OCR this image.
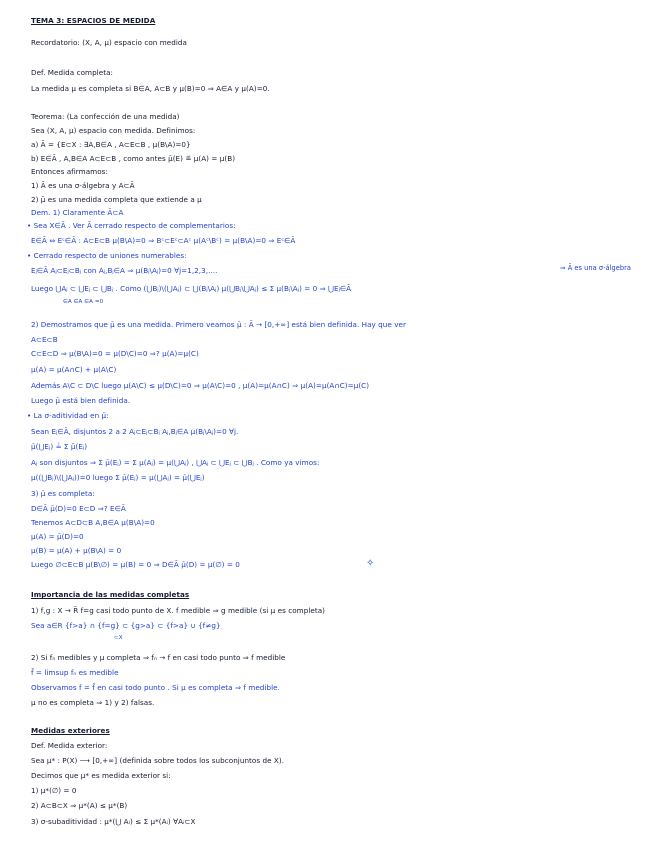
TEMA 3: ESPACIOS DE MEDIDA
Recordatorio: (X, A, μ) espacio con medida
Def. Medida completa:
La medida μ es completa si B∈A, A⊂B y μ(B)=0 ⇒ A∈A y μ(A)=0.
Teorema: (La confección de una medida)
Sea (X, A, μ) espacio con medida. Definimos:
a) Ā = {E⊂X : ∃A,B∈A , A⊂E⊂B , μ(B\A)=0}
b) E∈Ā , A,B∈A A⊂E⊂B , como antes μ̄(E) ≝ μ(A) = μ(B)
Entonces afirmamos:
1) Ā es una σ-álgebra y A⊂Ā
2) μ̄ es una medida completa que extiende a μ
Dem. 1) Claramente Ā⊂A
• Sea X∈Ā . Ver Ā cerrado respecto de complementarios:
E∈Ā ⇔ Eᶜ∈Ā : A⊂E⊂B μ(B\A)=0 ⇒ Bᶜ⊂Eᶜ⊂Aᶜ μ(Aᶜ\Bᶜ) = μ(B\A)=0 ⇒ Eᶜ∈Ā
• Cerrado respecto de uniones numerables:
Eⱼ∈Ā Aⱼ⊂Eⱼ⊂Bⱼ con Aⱼ,Bⱼ∈A ⇒ μ(Bⱼ\Aⱼ)=0 ∀j=1,2,3,....	⇒ Ā es una σ-álgebra
Luego ⋃Aⱼ ⊂ ⋃Eⱼ ⊂ ⋃Bⱼ . Como (⋃Bⱼ)\(⋃Aⱼ) ⊂ ⋃(Bⱼ\Aⱼ) μ(⋃Bⱼ\⋃Aⱼ) ≤ Σ μ(Bⱼ\Aⱼ) = 0 ⇒ ⋃Eⱼ∈Ā
∈A ∈A ∈A =0
2) Demostramos que μ̄ es una medida. Primero veamos μ̄ : Ā → [0,+∞] está bien definida. Hay que ver
A⊂E⊂B
C⊂E⊂D ⇒ μ(B\A)=0 = μ(D\C)=0 ⇒? μ(A)=μ(C)
μ(A) = μ(A∩C) + μ(A\C)
Además A\C ⊂ D\C luego μ(A\C) ≤ μ(D\C)=0 ⇒ μ(A\C)=0 , μ(A)=μ(A∩C) ⇒ μ(A)=μ(A∩C)=μ(C)
Luego μ̄ está bien definida.
• La σ-aditividad en μ̄:
Sean Eⱼ∈Ā, disjuntos 2 a 2 Aⱼ⊂Eⱼ⊂Bⱼ Aⱼ,Bⱼ∈A μ(Bⱼ\Aⱼ)=0 ∀j.
μ̄(⋃Eⱼ) ≟ Σ μ̄(Eⱼ)
Aⱼ son disjuntos ⇒ Σ μ̄(Eⱼ) = Σ μ(Aⱼ) = μ(⋃Aⱼ) , ⋃Aⱼ ⊂ ⋃Eⱼ ⊂ ⋃Bⱼ . Como ya vimos:
μ((⋃Bⱼ)\(⋃Aⱼ))=0 luego Σ μ̄(Eⱼ) = μ(⋃Aⱼ) = μ̄(⋃Eⱼ)
3) μ̄ es completa:
D∈Ā μ̄(D)=0 E⊂D ⇒? E∈Ā
Tenemos A⊂D⊂B A,B∈A μ(B\A)=0
μ(A) = μ̄(D)=0
μ(B) = μ(A) + μ(B\A) = 0
Luego ∅⊂E⊂B μ(B\∅) = μ(B) = 0 ⇒ D∈Ā μ̄(D) = μ(∅) = 0	✧
Importancia de las medidas completas
1) f,g : X → R̄ f=g casi todo punto de X. f medible ⇒ g medible (si μ es completa)
Sea a∈R {f>a} ∩ {f=g} ⊂ {g>a} ⊂ {f>a} ∪ {f≠g}
⊂X
2) Si fₙ medibles y μ completa ⇒ fₙ → f en casi todo punto ⇒ f medible
f̄ = limsup fₙ es medible
Observamos f = f̄ en casi todo punto . Si μ es completa ⇒ f medible.
μ no es completa ⇒ 1) y 2) falsas.
Medidas exteriores
Def. Medida exterior:
Sea μ* : P(X) ⟶ [0,+∞] (definida sobre todos los subconjuntos de X).
Decimos que μ* es medida exterior si:
1) μ*(∅) = 0
2) A⊂B⊂X ⇒ μ*(A) ≤ μ*(B)
3) σ-subaditividad : μ*(⋃ Aᵢ) ≤ Σ μ*(Aᵢ) ∀Aᵢ⊂X
